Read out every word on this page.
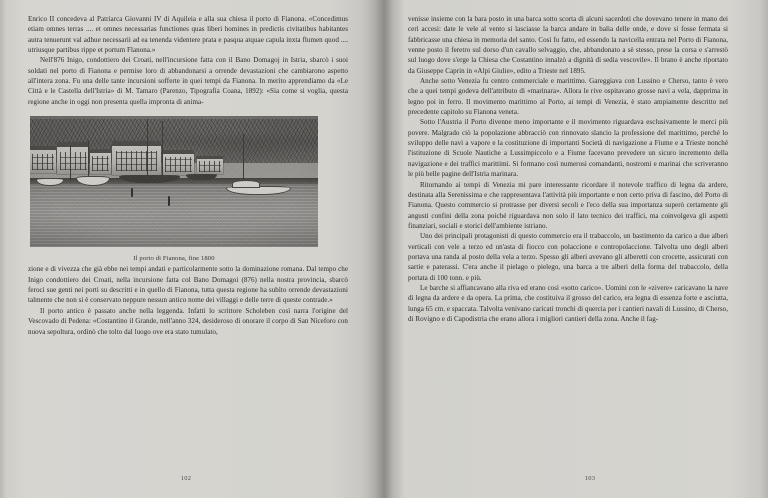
Enrico II concedeva al Patriarca Giovanni IV di Aquileia e alla sua chiesa il porto di Fianona. «Concedimus etiam omnes terras .... et omnes necessarias functiones quas liberi homines in predictis civitatibus habitantes autra tenuerunt val adhue necessarii ad ea tenenda videntere prata e pasqua atquae capula inxta flumen quod .... utriusque partibus rippe et portum Flanona.»

Nell'876 Inigo, condottiero dei Croati, nell'incursione fatta con il Bano Domagoj in Istria, sbarcò i suoi soldati nel porto di Fianona e permise loro di abbandonarsi a orrende devastazioni che cambiarono aspetto all'intera zona. Fu una delle tante incursioni sofferte in quei tempi da Fianona. In merito apprendiamo da «Le Città e le Castella dell'Istria» di M. Tamaro (Parenzo, Tipografia Coana, 1892): «Sia come si voglia, questa regione anche in oggi non presenta quella impronta di anima-

Il porto di Fianona, fine 1800

zione e di vivezza che già ebbe nei tempi andati e particolarmente sotto la dominazione romana. Dal tempo che Inigo condottiero dei Croati, nella incursione fatta col Bano Domagoi (876) nella nostra provincia, sbarcò feroci sue genti nei porti su descritti e in quello di Fianona, tutta questa regione ha subìto orrende devastazioni talmente che non si è conservato neppure nessun antico nome dei villaggi e delle terre di queste contrade.»

Il porto antico è passato anche nella leggenda. Infatti lo scrittore Scholeben così narra l'origine del Vescovado di Pedena: «Costantino il Grande, nell'anno 324, desideroso di onorare il corpo di San Niceforo con nuova sepoltura, ordinò che tolto dal luogo ove era stato tumulato,

102

venisse insieme con la bara posto in una barca sotto scorta di alcuni sacerdoti che dovevano tenere in mano dei ceri accesi: date le vele al vento si lasciasse la barca andare in balia delle onde, e dove si fosse fermata si fabbricasse una chiesa in memoria del santo. Così fu fatto, ed essendo la navicella entrata nel Porto di Fianona, venne posto il feretro sul dorso d'un cavallo selvaggio, che, abbandonato a sè stesso, prese la corsa e s'arrestò sul luogo dove s'erge la Chiesa che Costantino innalzò a dignità di sedia vescovile». Il brano è anche riportato da Giuseppe Caprin in «Alpi Giulie», edito a Trieste nel 1895.

Anche sotto Venezia fu centro commerciale e marittimo. Gareggiava con Lussino e Cherso, tanto è vero che a quei tempi godeva dell'attributo di «marinara». Allora le rive ospitavano grosse navi a vela, dapprima in legno poi in ferro. Il movimento marittimo al Porto, ai tempi di Venezia, è stato ampiamente descritto nel precedente capitolo su Fianona veneta.

Sotto l'Austria il Porto divenne meno importante e il movimento riguardava esclusivamente le merci più povere. Malgrado ciò la popolazione abbracciò con rinnovato slancio la professione del marittimo, perché lo sviluppo delle navi a vapore e la costituzione di importanti Società di navigazione a Fiume e a Trieste nonché l'istituzione di Scuole Nautiche a Lussimpiccolo e a Fiume facevano prevedere un sicuro incremento della navigazione e dei traffici marittimi. Si formano così numerosi comandanti, nostromi e marinai che scriveranno le più belle pagine dell'Istria marinara.

Ritornando ai tempi di Venezia mi pare interessante ricordare il notevole traffico di legna da ardere, destinata alla Serenissima e che rappresentava l'attività più importante e non certo priva di fascino, del Porto di Fianona. Questo commercio si protrasse per diversi secoli e l'eco della sua importanza superò certamente gli angusti confini della zona poiché riguardava non solo il lato tecnico dei traffici, ma coinvolgeva gli aspetti finanziari, sociali e storici dell'ambiente istriano.

Uno dei principali protagonisti di questo commercio era il trabaccolo, un bastimento da carico a due alberi verticali con vele a terzo ed un'asta di fiocco con polaccione e contropolaccione. Talvolta uno degli alberi portava una randa al posto della vela a terzo. Spesso gli alberi avevano gli alberetti con crocette, assicurati con sartie e paterassi. C'era anche il pielago o pielego, una barca a tre alberi della forma del trabaccolo, della portata di 100 tonn. e più.

Le barche si affiancavano alla riva ed erano così «sotto carico». Uomini con le «zivere» caricavano la nave di legna da ardere e da opera. La prima, che costituiva il grosso del carico, era legna di essenza forte e asciutta, lunga 65 cm. e spaccata. Talvolta venivano caricati tronchi di quercia per i cantieri navali di Lussino, di Cherso, di Rovigno e di Capodistria che erano allora i migliori cantieri della zona. Anche il fag-

103
